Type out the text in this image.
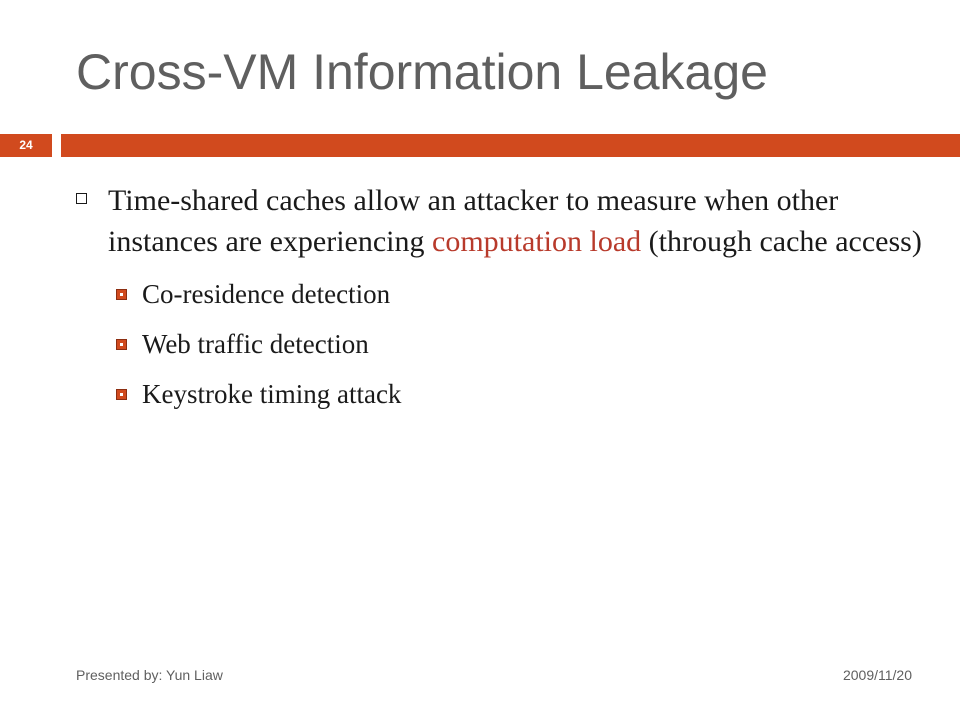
Cross-VM Information Leakage
24
Time-shared caches allow an attacker to measure when other instances are experiencing computation load (through cache access)
Co-residence detection
Web traffic detection
Keystroke timing attack
Presented by: Yun Liaw	2009/11/20
